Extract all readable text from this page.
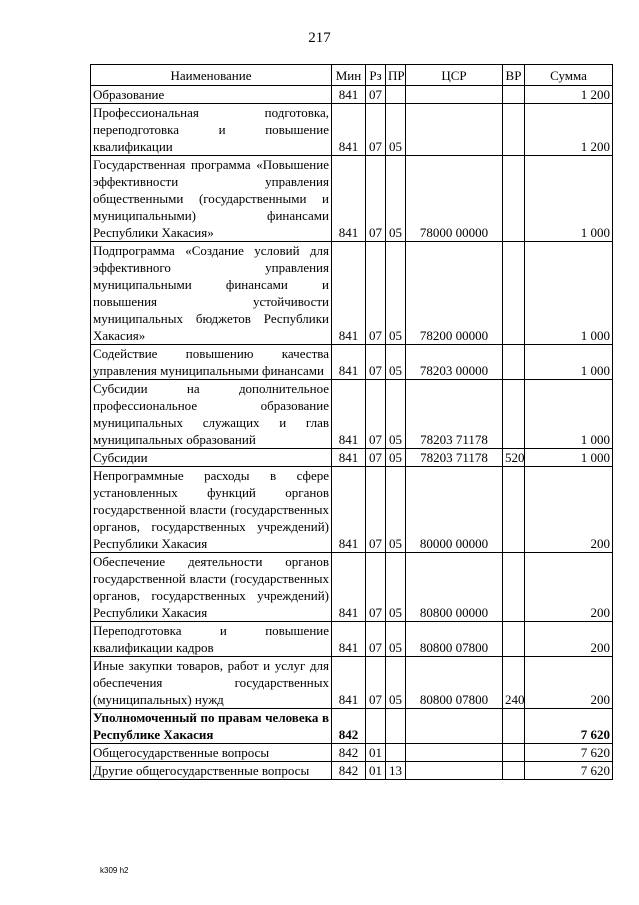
217
Наименование	Мин	Рз	ПР	ЦСР	ВР	Сумма
Образование	841	07				1 200
Профессиональная подготовка, переподготовка и повышение квалификации	841	07	05			1 200
Государственная программа «Повышение эффективности управления общественными (государственными и муниципальными) финансами Республики Хакасия»	841	07	05	78000 00000		1 000
Подпрограмма «Создание условий для эффективного управления муниципальными финансами и повышения устойчивости муниципальных бюджетов Республики Хакасия»	841	07	05	78200 00000		1 000
Содействие повышению качества управления муниципальными финансами	841	07	05	78203 00000		1 000
Субсидии на дополнительное профессиональное образование муниципальных служащих и глав муниципальных образований	841	07	05	78203 71178		1 000
Субсидии	841	07	05	78203 71178	520	1 000
Непрограммные расходы в сфере установленных функций органов государственной власти (государственных органов, государственных учреждений) Республики Хакасия	841	07	05	80000 00000		200
Обеспечение деятельности органов государственной власти (государственных органов, государственных учреждений) Республики Хакасия	841	07	05	80800 00000		200
Переподготовка и повышение квалификации кадров	841	07	05	80800 07800		200
Иные закупки товаров, работ и услуг для обеспечения государственных (муниципальных) нужд	841	07	05	80800 07800	240	200
Уполномоченный по правам человека в Республике Хакасия	842					7 620
Общегосударственные вопросы	842	01				7 620
Другие общегосударственные вопросы	842	01	13			7 620
k309 h2
